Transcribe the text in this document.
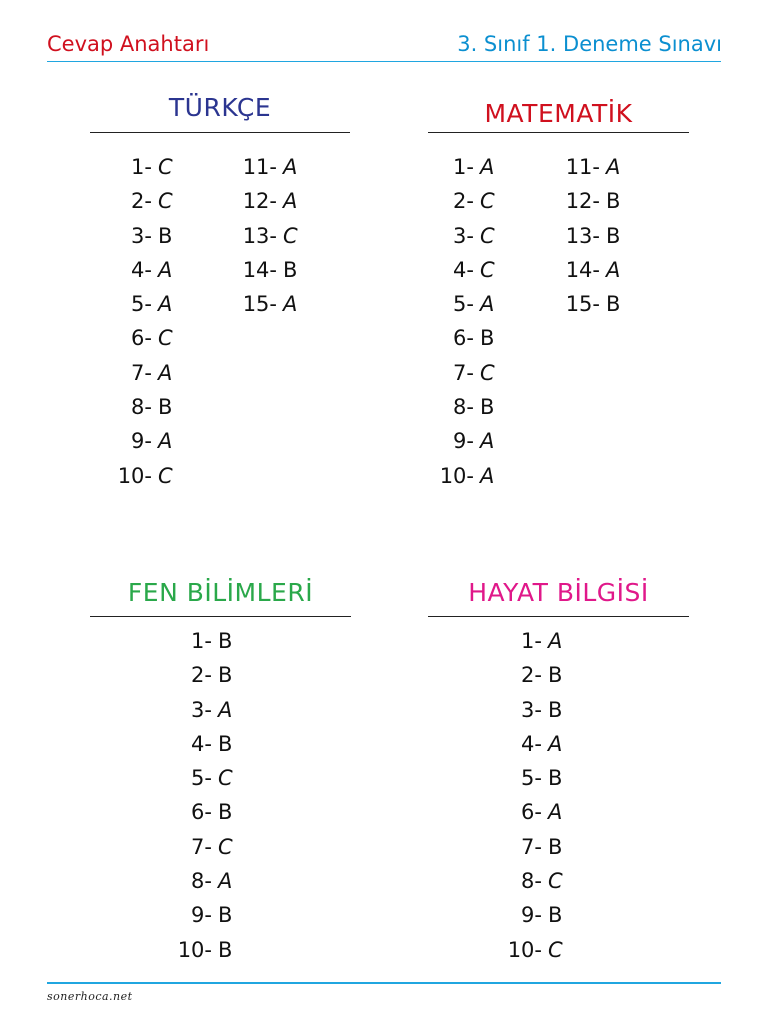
Cevap Anahtarı	3. Sınıf 1. Deneme Sınavı
TÜRKÇE
1- C
2- C
3- B
4- A
5- A
6- C
7- A
8- B
9- A
10- C
11- A
12- A
13- C
14- B
15- A
MATEMATİK
1- A
2- C
3- C
4- C
5- A
6- B
7- C
8- B
9- A
10- A
11- A
12- B
13- B
14- A
15- B
FEN BİLİMLERİ
1- B
2- B
3- A
4- B
5- C
6- B
7- C
8- A
9- B
10- B
HAYAT BİLGİSİ
1- A
2- B
3- B
4- A
5- B
6- A
7- B
8- C
9- B
10- C
sonerhoca.net
